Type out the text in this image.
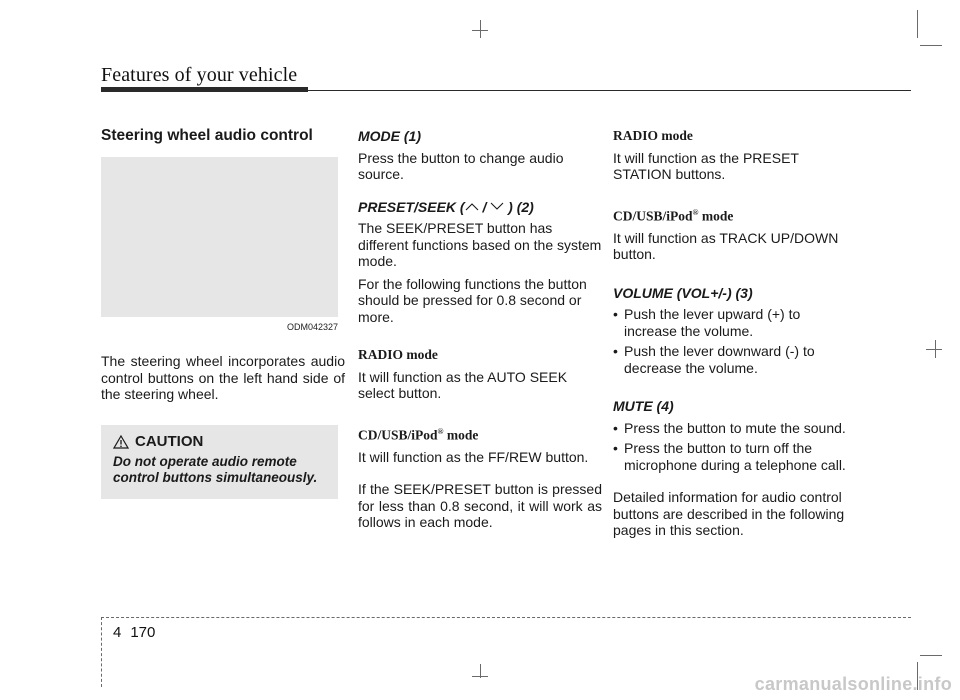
Features of your vehicle
Steering wheel audio control
ODM042327

The steering wheel incorporates audio control buttons on the left hand side of the steering wheel.

CAUTION
Do not operate audio remote control buttons simultaneously.
MODE (1)

Press the button to change audio source.

PRESET/SEEK ( /  ) (2)

The SEEK/PRESET button has different functions based on the system mode.

For the following functions the button should be pressed for 0.8 second or more.

RADIO mode

It will function as the AUTO SEEK select button.

CD/USB/iPod® mode

It will function as the FF/REW button.

If the SEEK/PRESET button is pressed for less than 0.8 second, it will work as follows in each mode.

RADIO mode

It will function as the PRESET STATION buttons.

CD/USB/iPod® mode

It will function as TRACK UP/DOWN button.

VOLUME (VOL+/-) (3)
• Push the lever upward (+) to increase the volume.
• Push the lever downward (-) to decrease the volume.
MUTE (4)
• Press the button to mute the sound.
• Press the button to turn off the microphone during a telephone call.

Detailed information for audio control buttons are described in the following pages in this section.

4 170
carmanualsonline.info
